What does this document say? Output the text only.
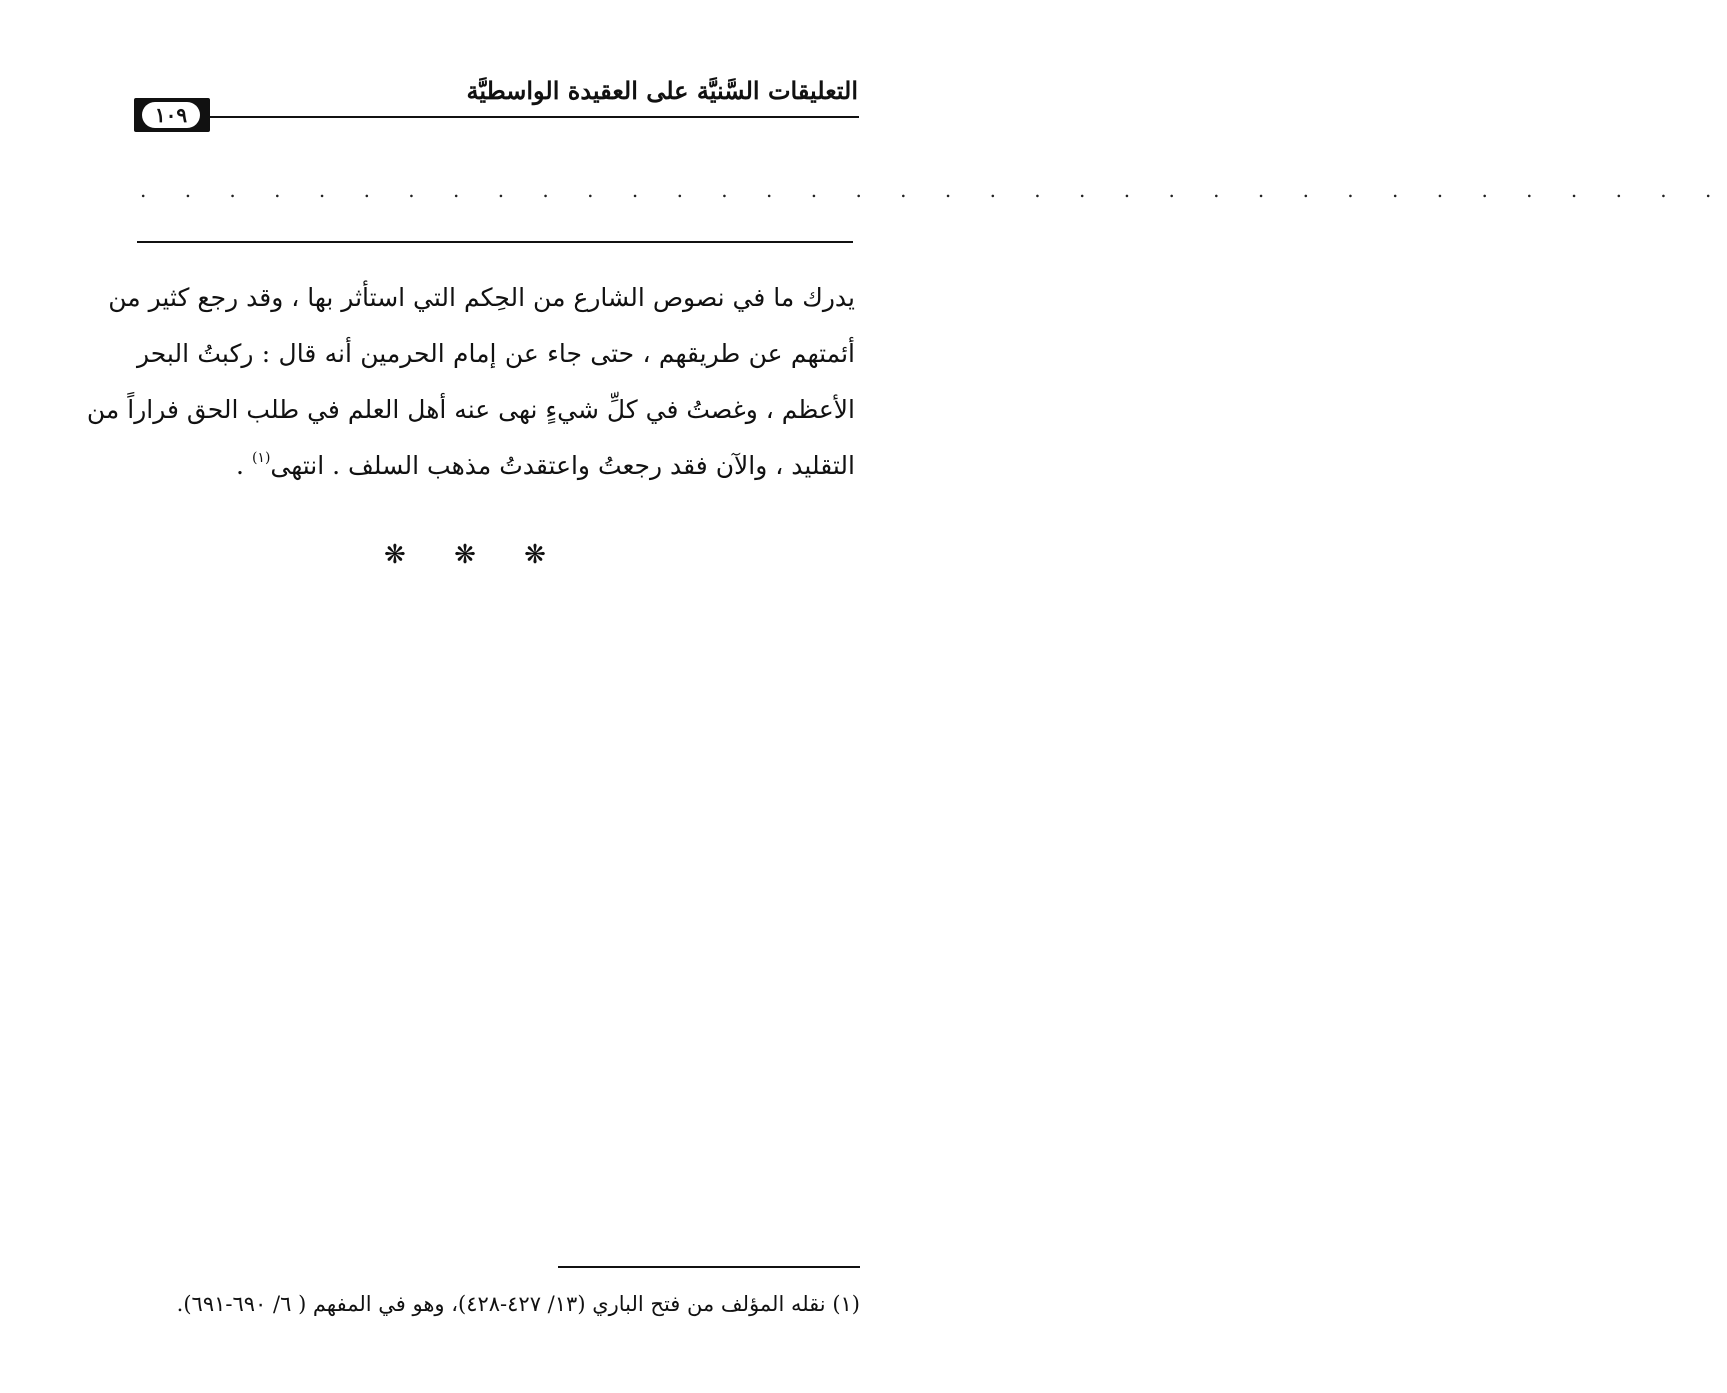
التعليقات السَّنيَّة على العقيدة الواسطيَّة
١٠٩
. . . . . . . . . . . . . . . . . . . . . . . . . . . . . . . . . . . .
يدرك ما في نصوص الشارع من الحِكم التي استأثر بها ، وقد رجع كثير من
أئمتهم عن طريقهم ، حتى جاء عن إمام الحرمين أنه قال : ركبتُ البحر
الأعظم ، وغصتُ في كلِّ شيءٍ نهى عنه أهل العلم في طلب الحق فراراً من
التقليد ، والآن فقد رجعتُ واعتقدتُ مذهب السلف . انتهى$^{(١)}$ .
❋ ❋ ❋
(١) نقله المؤلف من فتح الباري (١٣/ ٤٢٧-٤٢٨)، وهو في المفهم ( ٦/ ٦٩٠-٦٩١).
